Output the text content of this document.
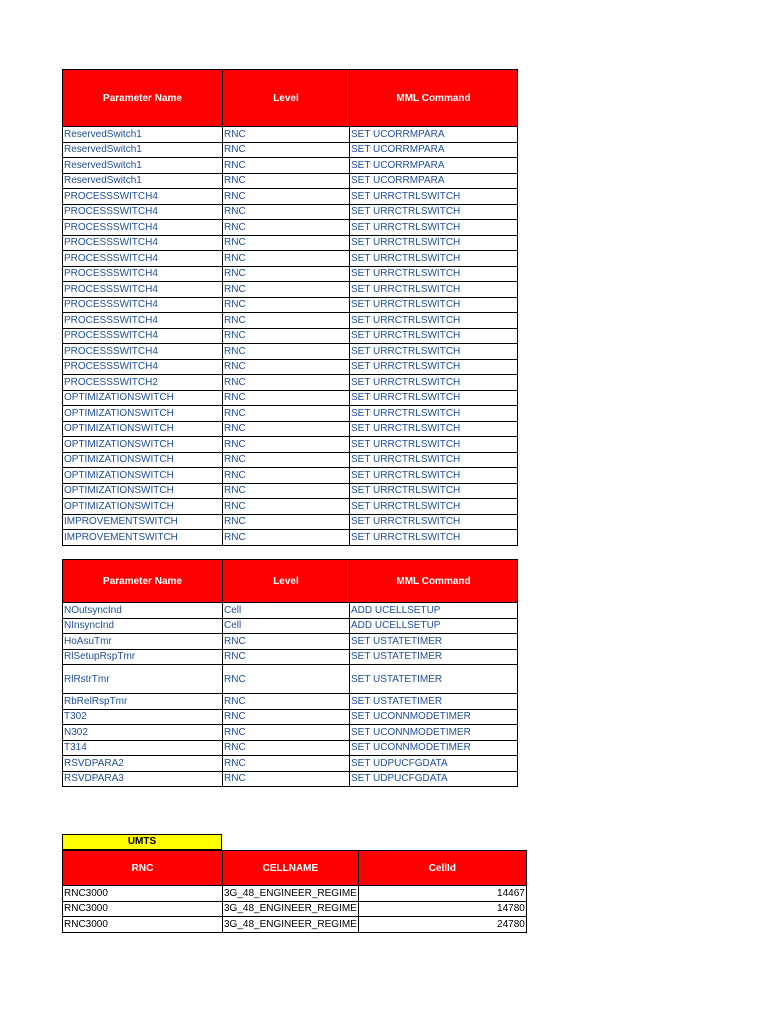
Parameter Name	Level	MML Command
ReservedSwitch1	RNC	SET UCORRMPARA
ReservedSwitch1	RNC	SET UCORRMPARA
ReservedSwitch1	RNC	SET UCORRMPARA
ReservedSwitch1	RNC	SET UCORRMPARA
PROCESSSWITCH4	RNC	SET URRCTRLSWITCH
PROCESSSWITCH4	RNC	SET URRCTRLSWITCH
PROCESSSWITCH4	RNC	SET URRCTRLSWITCH
PROCESSSWITCH4	RNC	SET URRCTRLSWITCH
PROCESSSWITCH4	RNC	SET URRCTRLSWITCH
PROCESSSWITCH4	RNC	SET URRCTRLSWITCH
PROCESSSWITCH4	RNC	SET URRCTRLSWITCH
PROCESSSWITCH4	RNC	SET URRCTRLSWITCH
PROCESSSWITCH4	RNC	SET URRCTRLSWITCH
PROCESSSWITCH4	RNC	SET URRCTRLSWITCH
PROCESSSWITCH4	RNC	SET URRCTRLSWITCH
PROCESSSWITCH4	RNC	SET URRCTRLSWITCH
PROCESSSWITCH2	RNC	SET URRCTRLSWITCH
OPTIMIZATIONSWITCH	RNC	SET URRCTRLSWITCH
OPTIMIZATIONSWITCH	RNC	SET URRCTRLSWITCH
OPTIMIZATIONSWITCH	RNC	SET URRCTRLSWITCH
OPTIMIZATIONSWITCH	RNC	SET URRCTRLSWITCH
OPTIMIZATIONSWITCH	RNC	SET URRCTRLSWITCH
OPTIMIZATIONSWITCH	RNC	SET URRCTRLSWITCH
OPTIMIZATIONSWITCH	RNC	SET URRCTRLSWITCH
OPTIMIZATIONSWITCH	RNC	SET URRCTRLSWITCH
IMPROVEMENTSWITCH	RNC	SET URRCTRLSWITCH
IMPROVEMENTSWITCH	RNC	SET URRCTRLSWITCH
Parameter Name	Level	MML Command
NOutsyncInd	Cell	ADD UCELLSETUP
NInsyncInd	Cell	ADD UCELLSETUP
HoAsuTmr	RNC	SET USTATETIMER
RlSetupRspTmr	RNC	SET USTATETIMER
RlRstrTmr	RNC	SET USTATETIMER
RbRelRspTmr	RNC	SET USTATETIMER
T302	RNC	SET UCONNMODETIMER
N302	RNC	SET UCONNMODETIMER
T314	RNC	SET UCONNMODETIMER
RSVDPARA2	RNC	SET UDPUCFGDATA
RSVDPARA3	RNC	SET UDPUCFGDATA
UMTS
RNC	CELLNAME	CellId
RNC3000	3G_48_ENGINEER_REGIME	14467
RNC3000	3G_48_ENGINEER_REGIME	14780
RNC3000	3G_48_ENGINEER_REGIME	24780
